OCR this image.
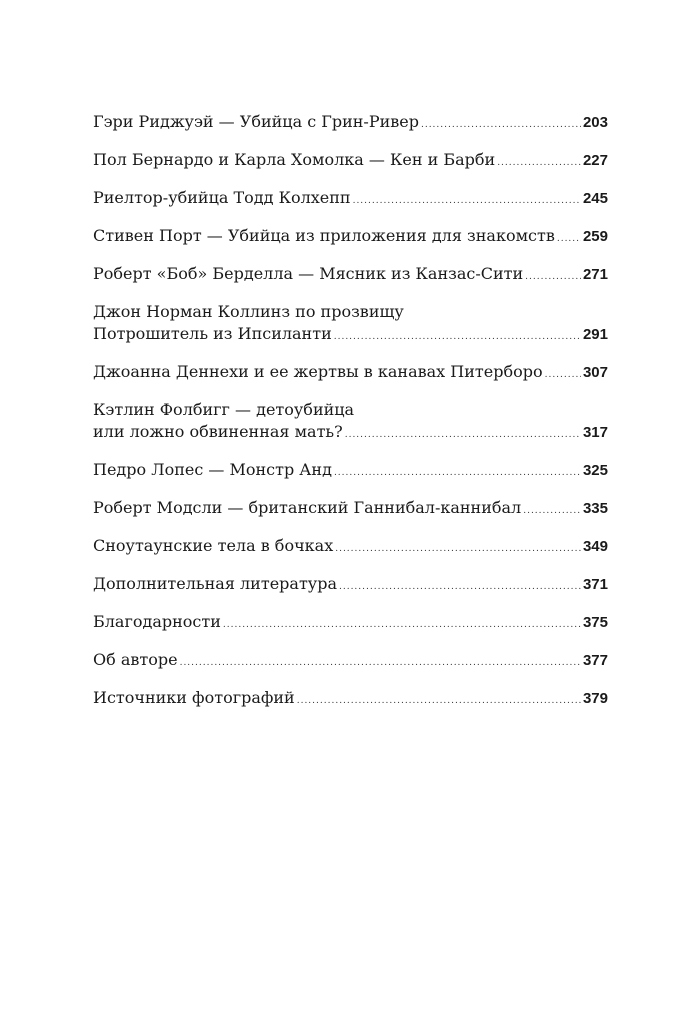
Гэри Риджуэй — Убийца с Грин-Ривер .....	203
Пол Бернардо и Карла Хомолка — Кен и Барби .....	227
Риелтор-убийца Тодд Колхепп .....	245
Стивен Порт — Убийца из приложения для знакомств ..... 259
Роберт «Боб» Берделла — Мясник из Канзас-Сити .....	271
Джон Норман Коллинз по прозвищу
Потрошитель из Ипсиланти .....	291
Джоанна Деннехи и ее жертвы в канавах Питерборо .....	307
Кэтлин Фолбигг — детоубийца
или ложно обвиненная мать? .....	317
Педро Лопес — Монстр Анд .....	325
Роберт Модсли — британский Ганнибал-каннибал .....	335
Сноутаунские тела в бочках .....	349
Дополнительная литература .....	371
Благодарности .....	375
Об авторе .....	377
Источники фотографий .....	379
